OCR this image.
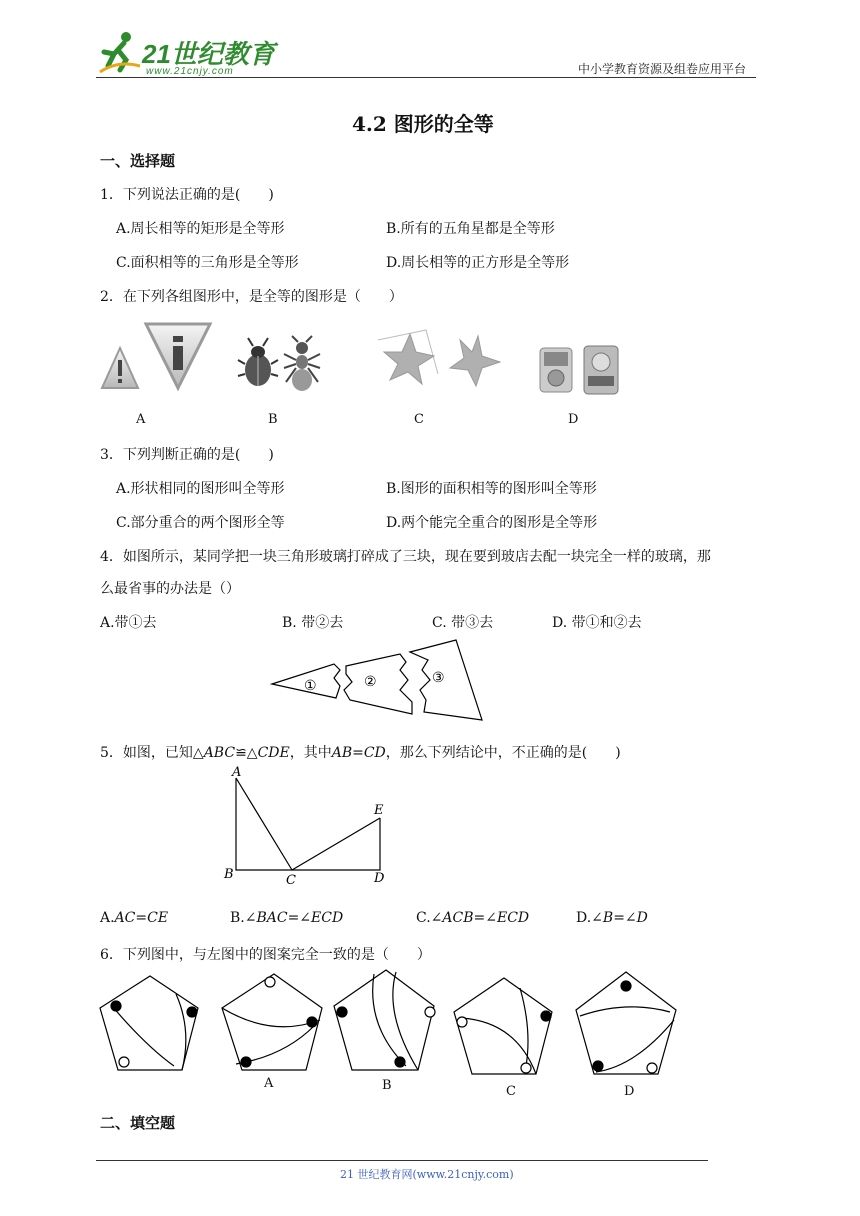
21世纪教育
www.21cnjy.com	中小学教育资源及组卷应用平台
4.2 图形的全等
一、选择题
1．下列说法正确的是(　　)
A.周长相等的矩形是全等形	B.所有的五角星都是全等形
C.面积相等的三角形是全等形	D.周长相等的正方形是全等形
2．在下列各组图形中，是全等的图形是（　　）
A	B	C	D
3．下列判断正确的是(　　)
A.形状相同的图形叫全等形	B.图形的面积相等的图形叫全等形
C.部分重合的两个图形全等	D.两个能完全重合的图形是全等形
4．如图所示，某同学把一块三角形玻璃打碎成了三块，现在要到玻店去配一块完全一样的玻璃，那
么最省事的办法是（）
A.带①去	B. 带②去	C. 带③去	D. 带①和②去
①	②	③
5．如图，已知△ABC≌△CDE，其中AB=CD，那么下列结论中，不正确的是(　　)
A
B	C	D
E
A.AC=CE	B.∠BAC=∠ECD	C.∠ACB=∠ECD	D.∠B=∠D
6．下列图中，与左图中的图案完全一致的是（　　）
A	B	C	D
二、填空题
21 世纪教育网(www.21cnjy.com)
